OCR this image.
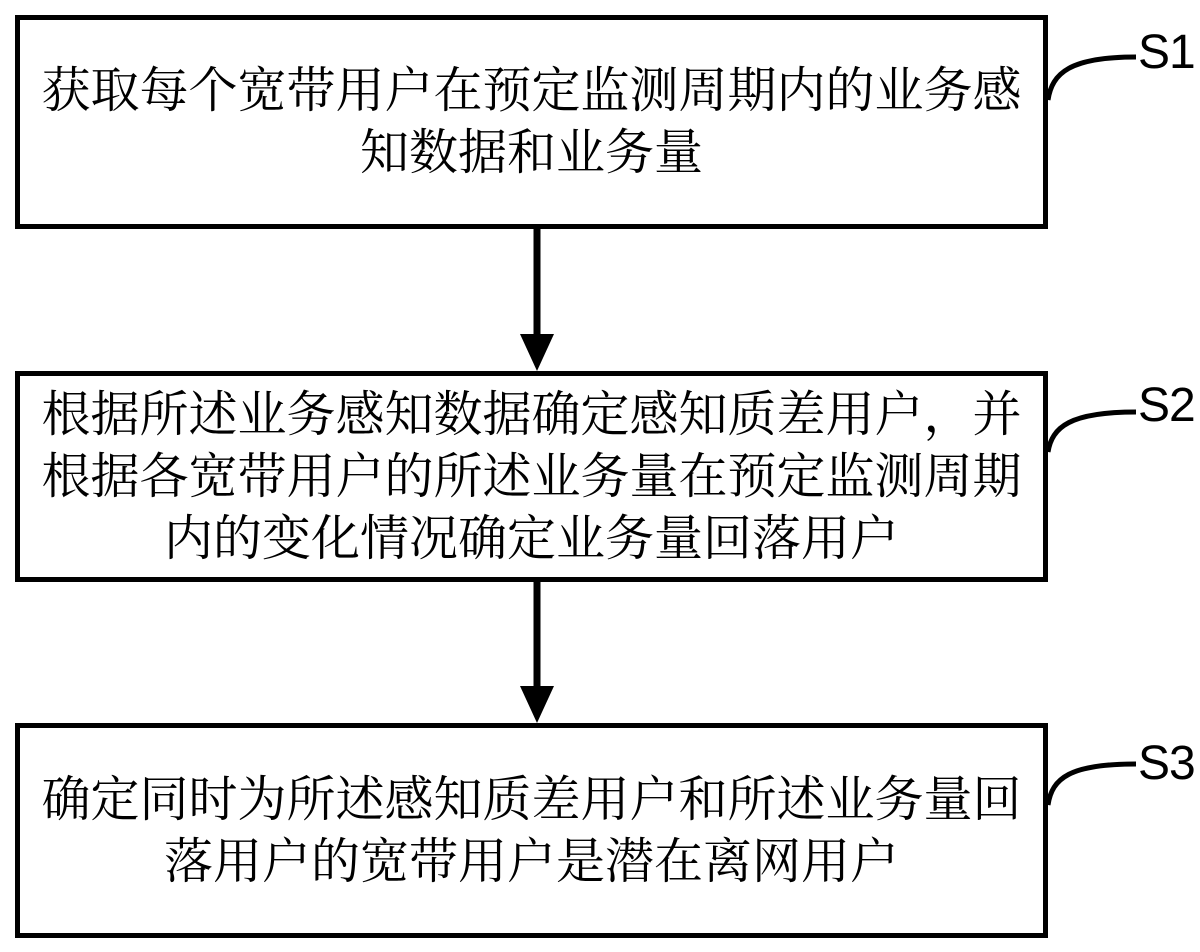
获取每个宽带用户在预定监测周期内的业务感
知数据和业务量
根据所述业务感知数据确定感知质差用户，并
根据各宽带用户的所述业务量在预定监测周期
内的变化情况确定业务量回落用户
确定同时为所述感知质差用户和所述业务量回
落用户的宽带用户是潜在离网用户
S1
S2
S3
